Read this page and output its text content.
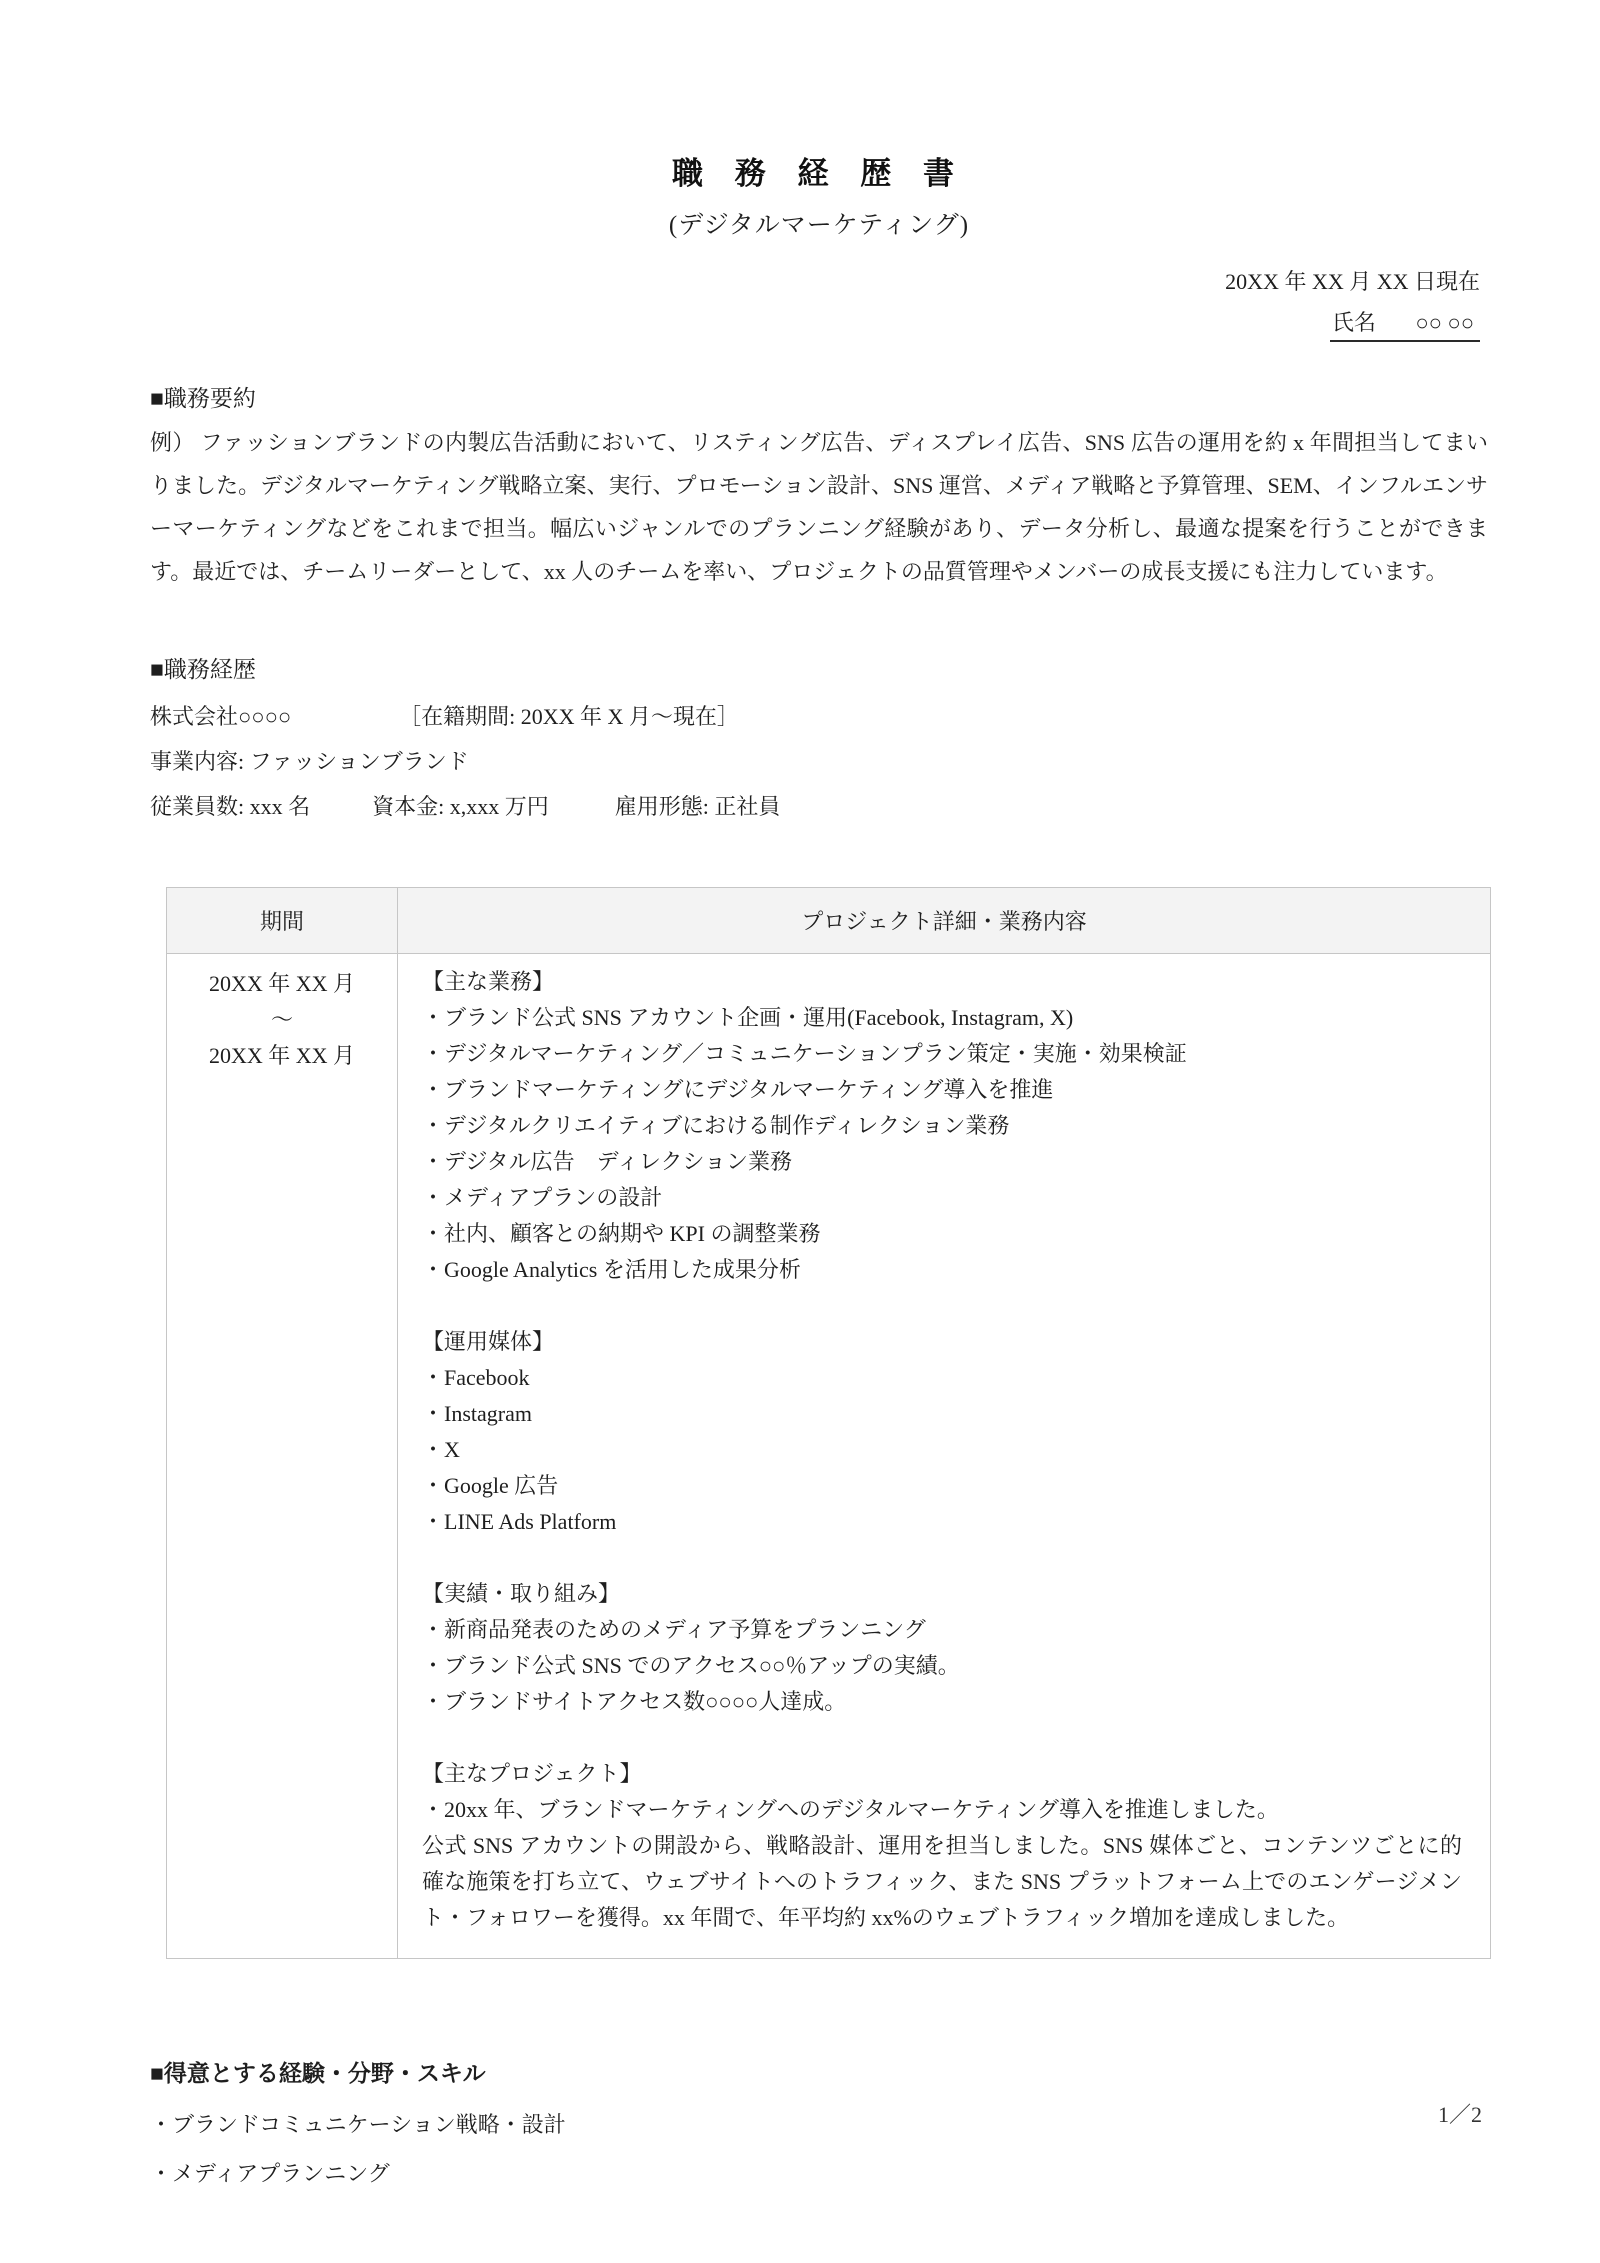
職 務 経 歴 書
(デジタルマーケティング)
20XX 年 XX 月 XX 日現在
氏名 ○○ ○○
■職務要約
例） ファッションブランドの内製広告活動において、リスティング広告、ディスプレイ広告、SNS 広告の運用を約 x 年間担当してまいりました。デジタルマーケティング戦略立案、実行、プロモーション設計、SNS 運営、メディア戦略と予算管理、SEM、インフルエンサーマーケティングなどをこれまで担当。幅広いジャンルでのプランニング経験があり、データ分析し、最適な提案を行うことができます。最近では、チームリーダーとして、xx 人のチームを率い、プロジェクトの品質管理やメンバーの成長支援にも注力しています。
■職務経歴
株式会社○○○○	［在籍期間: 20XX 年 X 月～現在］
事業内容: ファッションブランド
従業員数: xxx 名	資本金: x,xxx 万円	雇用形態: 正社員
期間	プロジェクト詳細・業務内容

20XX 年 XX 月
～
20XX 年 XX 月

【主な業務】
・ブランド公式 SNS アカウント企画・運用(Facebook, Instagram, X)
・デジタルマーケティング／コミュニケーションプラン策定・実施・効果検証
・ブランドマーケティングにデジタルマーケティング導入を推進
・デジタルクリエイティブにおける制作ディレクション業務
・デジタル広告　ディレクション業務
・メディアプランの設計
・社内、顧客との納期や KPI の調整業務
・Google Analytics を活用した成果分析
【運用媒体】
・Facebook
・Instagram
・X
・Google 広告
・LINE Ads Platform
【実績・取り組み】
・新商品発表のためのメディア予算をプランニング
・ブランド公式 SNS でのアクセス○○％アップの実績。
・ブランドサイトアクセス数○○○○人達成。
【主なプロジェクト】
・20xx 年、ブランドマーケティングへのデジタルマーケティング導入を推進しました。
公式 SNS アカウントの開設から、戦略設計、運用を担当しました。SNS 媒体ごと、コンテンツごとに的確な施策を打ち立て、ウェブサイトへのトラフィック、また SNS プラットフォーム上でのエンゲージメント・フォロワーを獲得。xx 年間で、年平均約 xx%のウェブトラフィック増加を達成しました。
■得意とする経験・分野・スキル
・ブランドコミュニケーション戦略・設計
・メディアプランニング
1／2
